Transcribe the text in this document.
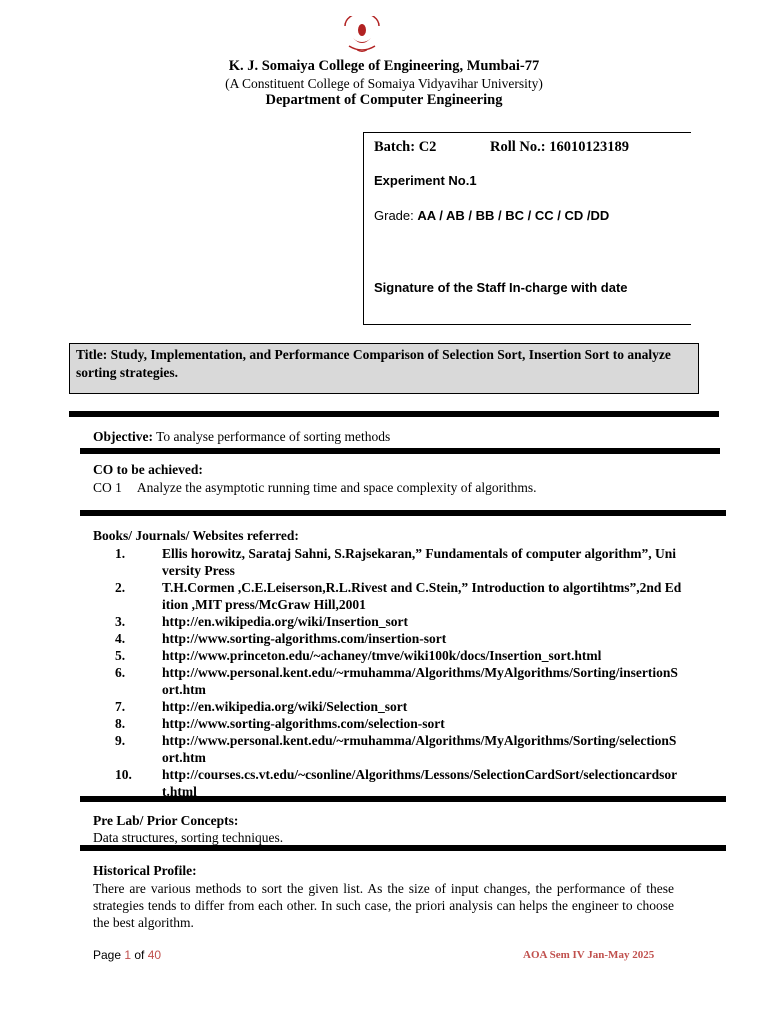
K. J. Somaiya College of Engineering, Mumbai-77
(A Constituent College of Somaiya Vidyavihar University)
Department of Computer Engineering
Batch: C2	Roll No.: 16010123189
Experiment No.1
Grade: AA / AB / BB / BC / CC / CD /DD
Signature of the Staff In-charge with date
Title: Study, Implementation, and Performance Comparison of Selection Sort, Insertion Sort to analyze sorting strategies.
Objective: To analyse performance of sorting methods
CO to be achieved:
CO 1 Analyze the asymptotic running time and space complexity of algorithms.
Books/ Journals/ Websites referred:
1.	Ellis horowitz, Sarataj Sahni, S.Rajsekaran,” Fundamentals of computer algorithm”, University Press
2.	T.H.Cormen ,C.E.Leiserson,R.L.Rivest and C.Stein,” Introduction to algortihtms”,2nd Edition ,MIT press/McGraw Hill,2001
3.	http://en.wikipedia.org/wiki/Insertion_sort
4.	http://www.sorting-algorithms.com/insertion-sort
5.	http://www.princeton.edu/~achaney/tmve/wiki100k/docs/Insertion_sort.html
6.	http://www.personal.kent.edu/~rmuhamma/Algorithms/MyAlgorithms/Sorting/insertionSort.htm
7.	http://en.wikipedia.org/wiki/Selection_sort
8.	http://www.sorting-algorithms.com/selection-sort
9.	http://www.personal.kent.edu/~rmuhamma/Algorithms/MyAlgorithms/Sorting/selectionSort.htm
10.	http://courses.cs.vt.edu/~csonline/Algorithms/Lessons/SelectionCardSort/selectioncardsort.html
Pre Lab/ Prior Concepts:
Data structures, sorting techniques.
Historical Profile:
There are various methods to sort the given list. As the size of input changes, the performance of these strategies tends to differ from each other. In such case, the priori analysis can helps the engineer to choose the best algorithm.
Page 1 of 40	AOA Sem IV Jan-May 2025
